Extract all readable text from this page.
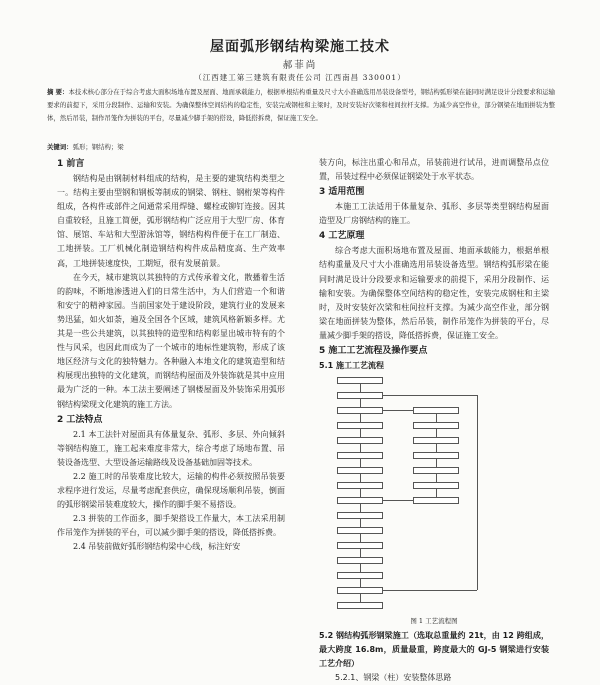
屋面弧形钢结构梁施工技术
郝菲尚
（江西建工第三建筑有限责任公司 江西南昌 330001）
摘 要：本技术核心部分在于综合考虑大面积场地布置及屋面、地面承载能力，根据单根结构重量及尺寸大小准确选用吊装设备型号，钢结构弧形梁在能同时满足设计分段要求和运输要求的前提下，采用分段制作、运输和安装。为确保整体空间结构的稳定性，安装完成钢柱和主梁时，及时安装好次梁和柱间拉杆支撑。为减少高空作业，部分钢梁在地面拼装为整体，然后吊装，制作吊笼作为拼装的平台，尽量减少脚手架的搭设，降低搭拆费，保证施工安全。
关键词：弧形；钢结构；梁
1 前言

钢结构是由钢制材料组成的结构，是主要的建筑结构类型之一。结构主要由型钢和钢板等制成的钢梁、钢柱、钢桁架等构件组成，各构件或部件之间通常采用焊缝、螺栓或铆钉连接。因其自重较轻，且施工简便，弧形钢结构广泛应用于大型厂房、体育馆、展馆、车站和大型游泳馆等，钢结构构件便于在工厂制造、工地拼装。工厂机械化制造钢结构构件成品精度高、生产效率高，工地拼装速度快，工期短，很有发展前景。

在今天，城市建筑以其独特的方式传承着文化，散播着生活的韵味，不断地渗透进入们的日常生活中，为人们营造一个和谐和安宁的精神家园。当前国家处于建设阶段，建筑行业的发展来势迅猛，如火如荼，遍及全国各个区域，建筑风格新颖多样。尤其是一些公共建筑，以其独特的造型和结构彰显出城市特有的个性与风采，也因此而成为了一个城市的地标性建筑物，形成了该地区经济与文化的独特魅力。各种融入本地文化的建筑造型和结构展现出独特的文化建筑，而钢结构屋面及外装饰就是其中应用最为广泛的一种。本工法主要阐述了钢楼屋面及外装饰采用弧形钢结构梁现文化建筑的施工方法。

2 工法特点

2.1 本工法针对屋面具有体量复杂、弧形、多层、外向倾斜等钢结构施工，施工起来难度非常大，综合考虑了场地布置、吊装设备选型、大型设备运输路线及设备基础加固等技术。

2.2 施工时的吊装难度比较大，运输的构件必须按照吊装要求程序进行发运，尽量考虑配套供应，确保现场顺利吊装，倒面的弧形钢梁吊装难度较大，操作的脚手架不易搭设。

2.3 拼装的工作面多，脚手架搭设工作量大，本工法采用制作吊笼作为拼装的平台，可以减少脚手架的搭设，降低搭拆费。

2.4 吊装前做好弧形钢结构梁中心线，标注好安

装方向，标注出重心和吊点，吊装前进行试吊，进而调整吊点位置，吊装过程中必须保证钢梁处于水平状态。

3 适用范围

本施工工法适用于体量复杂、弧形、多层等类型钢结构屋面造型及厂房钢结构的施工。

4 工艺原理

综合考虑大面积场地布置及屋面、地面承载能力，根据单根结构重量及尺寸大小准确选用吊装设备选型。钢结构弧形梁在能同时满足设计分段要求和运输要求的前提下，采用分段制作、运输和安装。为确保整体空间结构的稳定性，安装完成钢柱和主梁时，及时安装好次梁和柱间拉杆支撑。为减少高空作业，部分钢梁在地面拼装为整体，然后吊装，制作吊笼作为拼装的平台，尽量减少脚手架的搭设，降低搭拆费，保证施工安全。

5 施工工艺流程及操作要点
5.1 施工工艺流程
图 1 工艺流程图
5.2 钢结构弧形钢梁施工（选取总重量约 21t，由 12 跨组成，最大跨度 16.8m，质量最重，跨度最大的 GJ-5 钢梁进行安装工艺介绍）
5.2.1、钢梁（柱）安装整体思路
